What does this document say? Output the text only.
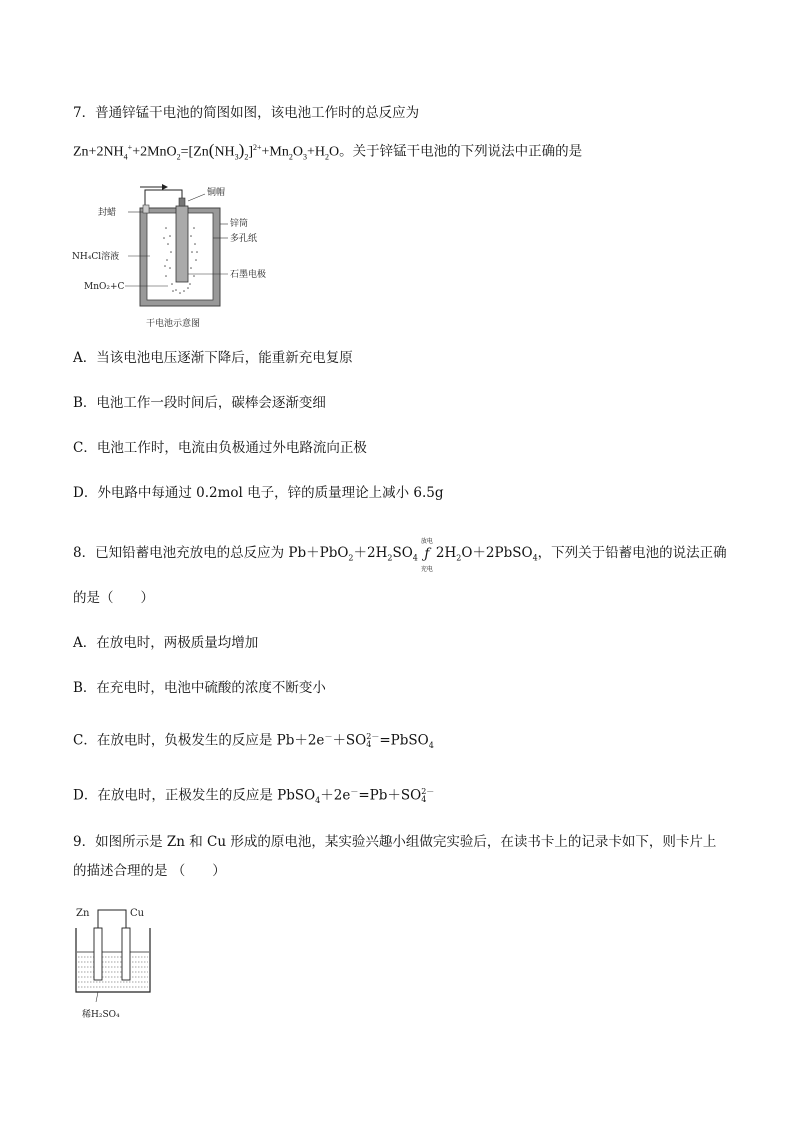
7．普通锌锰干电池的简图如图，该电池工作时的总反应为
$Zn+2NH_4^++2MnO_2=[Zn(NH_3)_2]^{2+}+Mn_2O_3+H_2O$。关于锌锰干电池的下列说法中正确的是
铜帽
封蜡
锌筒
多孔纸
NH₄Cl溶液
石墨电极
MnO₂+C
干电池示意图
A．当该电池电压逐渐下降后，能重新充电复原
B．电池工作一段时间后，碳棒会逐渐变细
C．电池工作时，电流由负极通过外电路流向正极
D．外电路中每通过 0.2mol 电子，锌的质量理论上减小 6.5g
8．已知铅蓄电池充放电的总反应为 $Pb+PbO_2+2H_2SO_4$
放电
ƒ
充电
$2H_2O+2PbSO_4$，下列关于铅蓄电池的说法正确
的是（　　）
A．在放电时，两极质量均增加
B．在充电时，电池中硫酸的浓度不断变小
C．在放电时，负极发生的反应是 Pb＋2e－＋SO 2－
4 =PbSO$_4$
D．在放电时，正极发生的反应是 PbSO$_4$＋2e－=Pb＋SO 2－
4
9．如图所示是 Zn 和 Cu 形成的原电池，某实验兴趣小组做完实验后，在读书卡上的记录卡如下，则卡片上
的描述合理的是 （　　）
Zn	Cu
稀H₂SO₄
